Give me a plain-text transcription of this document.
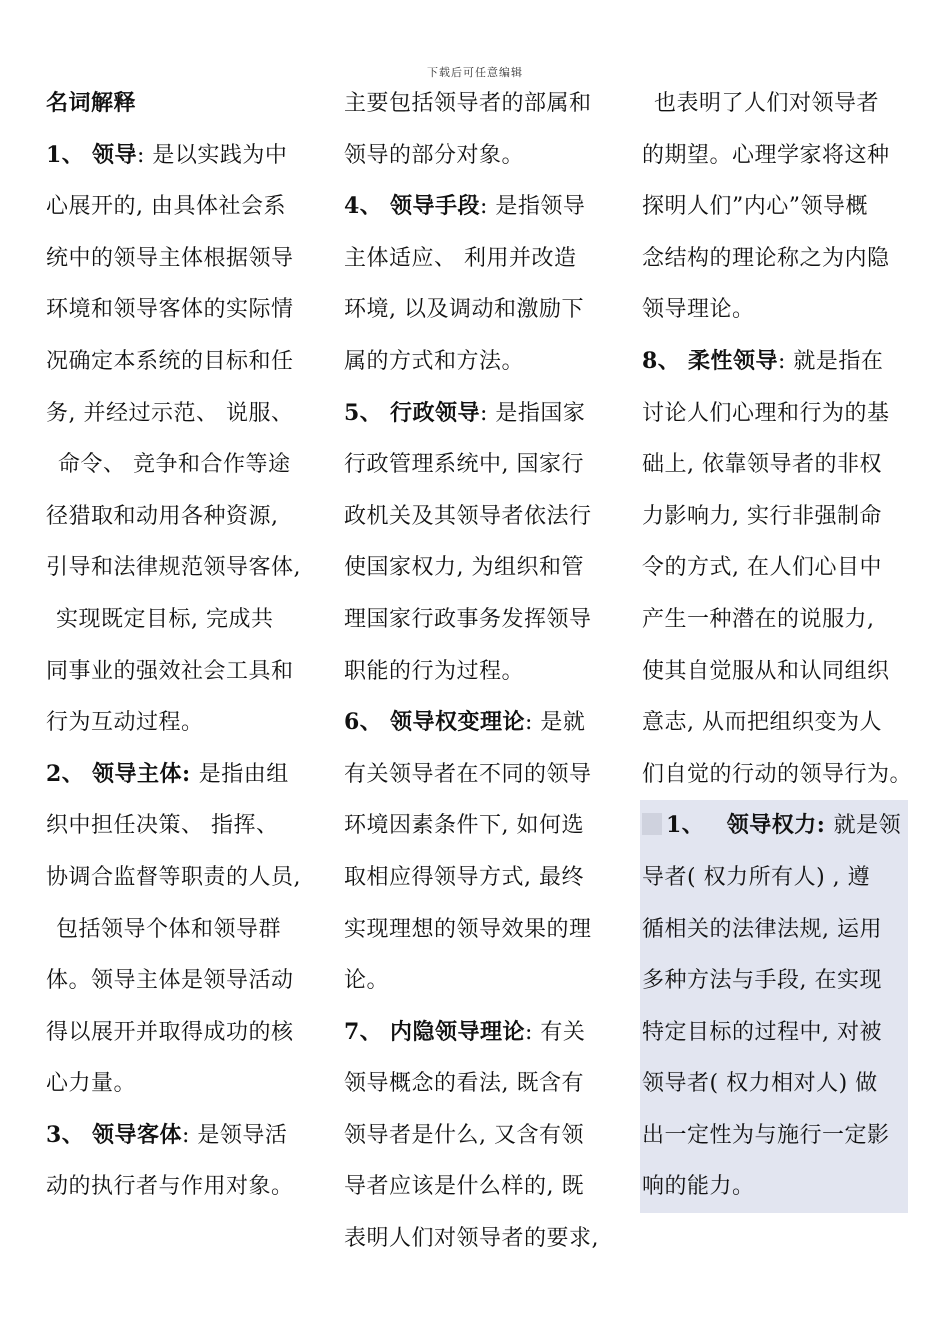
下载后可任意编辑
名词解释
1、 领导: 是以实践为中
心展开的, 由具体社会系
统中的领导主体根据领导
环境和领导客体的实际情
况确定本系统的目标和任
务, 并经过示范、 说服、
命令、 竞争和合作等途
径猎取和动用各种资源,
引导和法律规范领导客体,
实现既定目标, 完成共
同事业的强效社会工具和
行为互动过程。
2、 领导主体: 是指由组
织中担任决策、 指挥、
协调合监督等职责的人员,
包括领导个体和领导群
体。领导主体是领导活动
得以展开并取得成功的核
心力量。
3、 领导客体: 是领导活
动的执行者与作用对象。
主要包括领导者的部属和
领导的部分对象。
4、 领导手段: 是指领导
主体适应、 利用并改造
环境, 以及调动和激励下
属的方式和方法。
5、 行政领导: 是指国家
行政管理系统中, 国家行
政机关及其领导者依法行
使国家权力, 为组织和管
理国家行政事务发挥领导
职能的行为过程。
6、 领导权变理论: 是就
有关领导者在不同的领导
环境因素条件下, 如何选
取相应得领导方式, 最终
实现理想的领导效果的理
论。
7、 内隐领导理论: 有关
领导概念的看法, 既含有
领导者是什么, 又含有领
导者应该是什么样的, 既
表明人们对领导者的要求,
也表明了人们对领导者
的期望。心理学家将这种
探明人们”内心”领导概
念结构的理论称之为内隐
领导理论。
8、 柔性领导: 就是指在
讨论人们心理和行为的基
础上, 依靠领导者的非权
力影响力, 实行非强制命
令的方式, 在人们心目中
产生一种潜在的说服力,
使其自觉服从和认同组织
意志, 从而把组织变为人
们自觉的行动的领导行为。
1、 领导权力: 就是领
导者( 权力所有人) , 遵
循相关的法律法规, 运用
多种方法与手段, 在实现
特定目标的过程中, 对被
领导者( 权力相对人) 做
出一定性为与施行一定影
响的能力。
